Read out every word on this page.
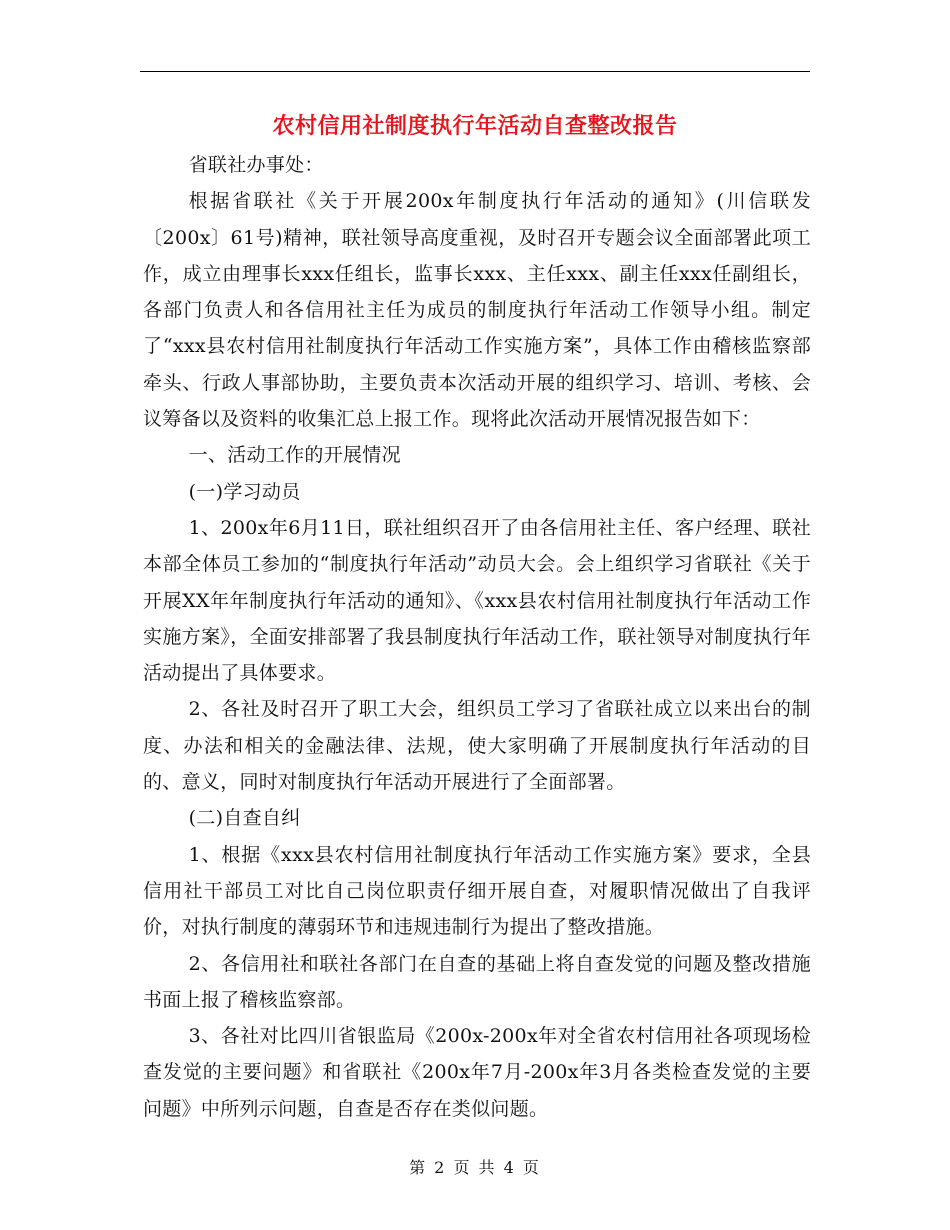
农村信用社制度执行年活动自查整改报告

省联社办事处：

根据省联社《关于开展200x年制度执行年活动的通知》(川信联发〔200x〕61号)精神，联社领导高度重视，及时召开专题会议全面部署此项工作，成立由理事长xxx任组长，监事长xxx、主任xxx、副主任xxx任副组长，各部门负责人和各信用社主任为成员的制度执行年活动工作领导小组。制定了“xxx县农村信用社制度执行年活动工作实施方案”，具体工作由稽核监察部牵头、行政人事部协助，主要负责本次活动开展的组织学习、培训、考核、会议筹备以及资料的收集汇总上报工作。现将此次活动开展情况报告如下：

一、活动工作的开展情况

(一)学习动员

1、200x年6月11日，联社组织召开了由各信用社主任、客户经理、联社本部全体员工参加的“制度执行年活动”动员大会。会上组织学习省联社《关于开展XX年年制度执行年活动的通知》、《xxx县农村信用社制度执行年活动工作实施方案》，全面安排部署了我县制度执行年活动工作，联社领导对制度执行年活动提出了具体要求。

2、各社及时召开了职工大会，组织员工学习了省联社成立以来出台的制度、办法和相关的金融法律、法规，使大家明确了开展制度执行年活动的目的、意义，同时对制度执行年活动开展进行了全面部署。

(二)自查自纠

1、根据《xxx县农村信用社制度执行年活动工作实施方案》要求，全县信用社干部员工对比自己岗位职责仔细开展自查，对履职情况做出了自我评价，对执行制度的薄弱环节和违规违制行为提出了整改措施。

2、各信用社和联社各部门在自查的基础上将自查发觉的问题及整改措施书面上报了稽核监察部。

3、各社对比四川省银监局《200x-200x年对全省农村信用社各项现场检查发觉的主要问题》和省联社《200x年7月-200x年3月各类检查发觉的主要问题》中所列示问题，自查是否存在类似问题。

第 2 页 共 4 页
